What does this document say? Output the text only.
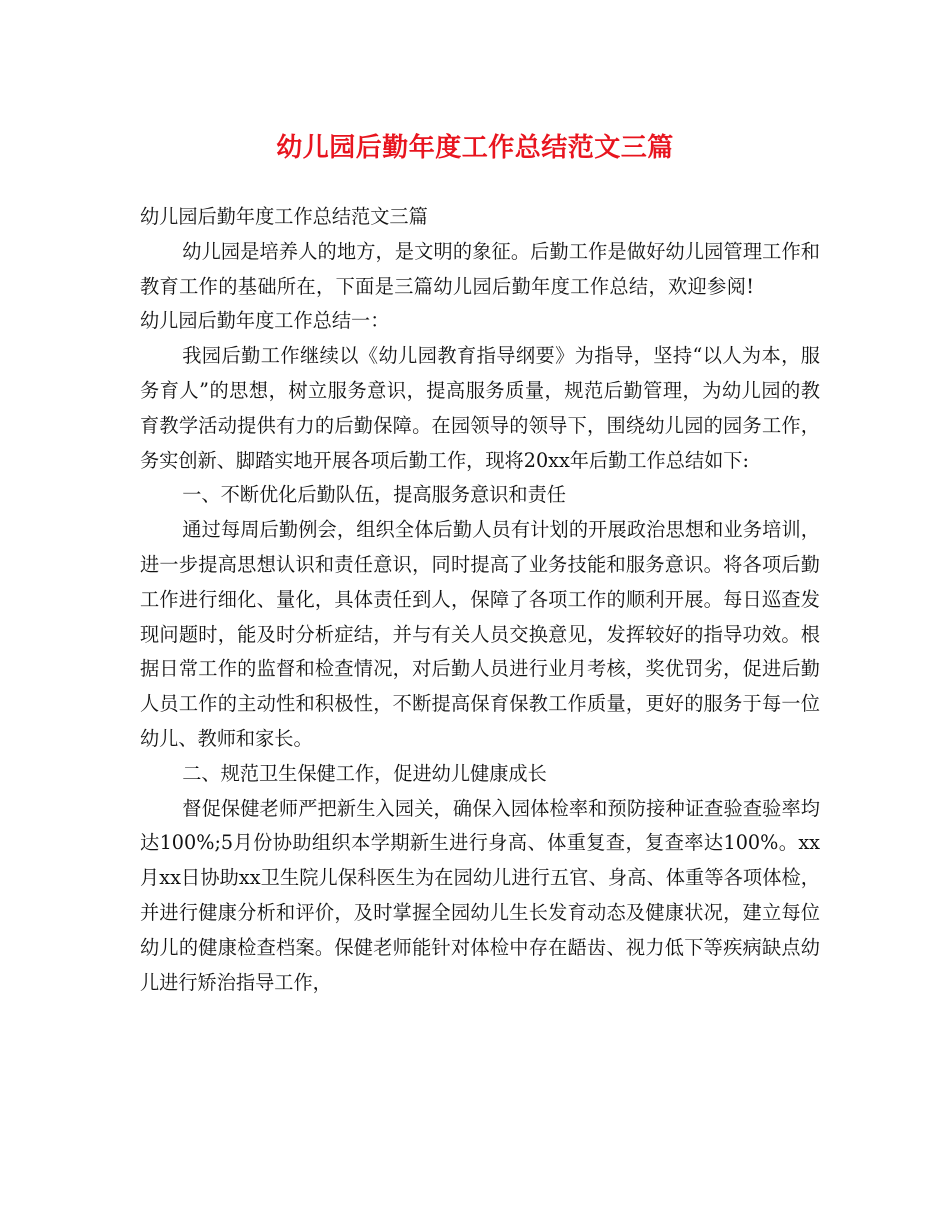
幼儿园后勤年度工作总结范文三篇

幼儿园后勤年度工作总结范文三篇

幼儿园是培养人的地方，是文明的象征。后勤工作是做好幼儿园管理工作和教育工作的基础所在，下面是三篇幼儿园后勤年度工作总结，欢迎参阅!幼儿园后勤年度工作总结一：

我园后勤工作继续以《幼儿园教育指导纲要》为指导，坚持“以人为本，服务育人”的思想，树立服务意识，提高服务质量，规范后勤管理，为幼儿园的教育教学活动提供有力的后勤保障。在园领导的领导下，围绕幼儿园的园务工作，务实创新、脚踏实地开展各项后勤工作，现将20xx年后勤工作总结如下:

一、不断优化后勤队伍，提高服务意识和责任

通过每周后勤例会，组织全体后勤人员有计划的开展政治思想和业务培训，进一步提高思想认识和责任意识，同时提高了业务技能和服务意识。将各项后勤工作进行细化、量化，具体责任到人，保障了各项工作的顺利开展。每日巡查发现问题时，能及时分析症结，并与有关人员交换意见，发挥较好的指导功效。根据日常工作的监督和检查情况，对后勤人员进行业月考核，奖优罚劣，促进后勤人员工作的主动性和积极性，不断提高保育保教工作质量，更好的服务于每一位幼儿、教师和家长。

二、规范卫生保健工作，促进幼儿健康成长

督促保健老师严把新生入园关，确保入园体检率和预防接种证查验查验率均达100%;5月份协助组织本学期新生进行身高、体重复查，复查率达100%。xx月xx日协助xx卫生院儿保科医生为在园幼儿进行五官、身高、体重等各项体检，并进行健康分析和评价，及时掌握全园幼儿生长发育动态及健康状况，建立每位幼儿的健康检查档案。保健老师能针对体检中存在龉齿、视力低下等疾病缺点幼儿进行矫治指导工作，
